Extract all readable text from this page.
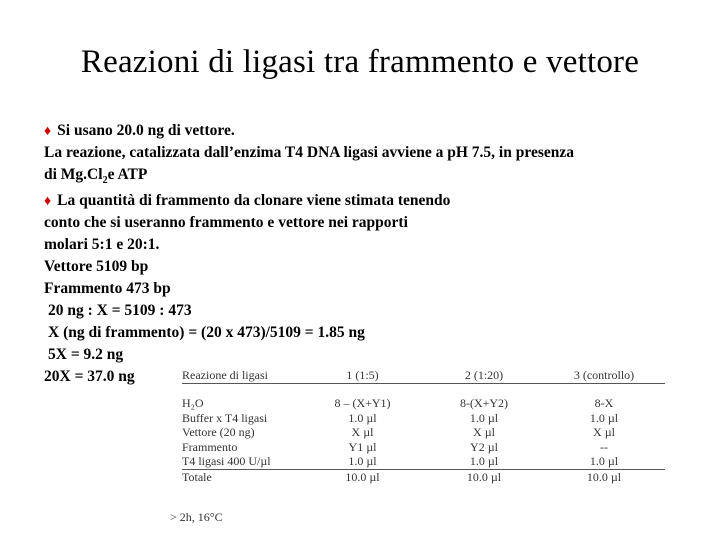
Reazioni di ligasi tra frammento e vettore
♦ Si usano 20.0 ng di vettore.
La reazione, catalizzata dall’enzima T4 DNA ligasi avviene a pH 7.5, in presenza
di $Mg.Cl_2e$ ATP
♦ La quantità di frammento da clonare viene stimata tenendo
conto che si useranno frammento e vettore nei rapporti
molari 5:1 e 20:1.
Vettore 5109 bp
Frammento 473 bp
20 ng : X = 5109 : 473
X (ng di frammento) = (20 x 473)/5109 = 1.85 ng
5X = 9.2 ng
20X = 37.0 ng	Reazione di ligasi	1 (1:5)	2 (1:20)	3 (controllo)

H₂O	8 – (X+Y1)	8-(X+Y2)	8-X
Buffer x T4 ligasi	1.0 µl	1.0 µl	1.0 µl
Vettore (20 ng)	X µl	X µl	X µl
Frammento	Y1 µl	Y2 µl	--
T4 ligasi 400 U/µl	1.0 µl	1.0 µl	1.0 µl
Totale	10.0 µl	10.0 µl	10.0 µl
> 2h, 16°C
